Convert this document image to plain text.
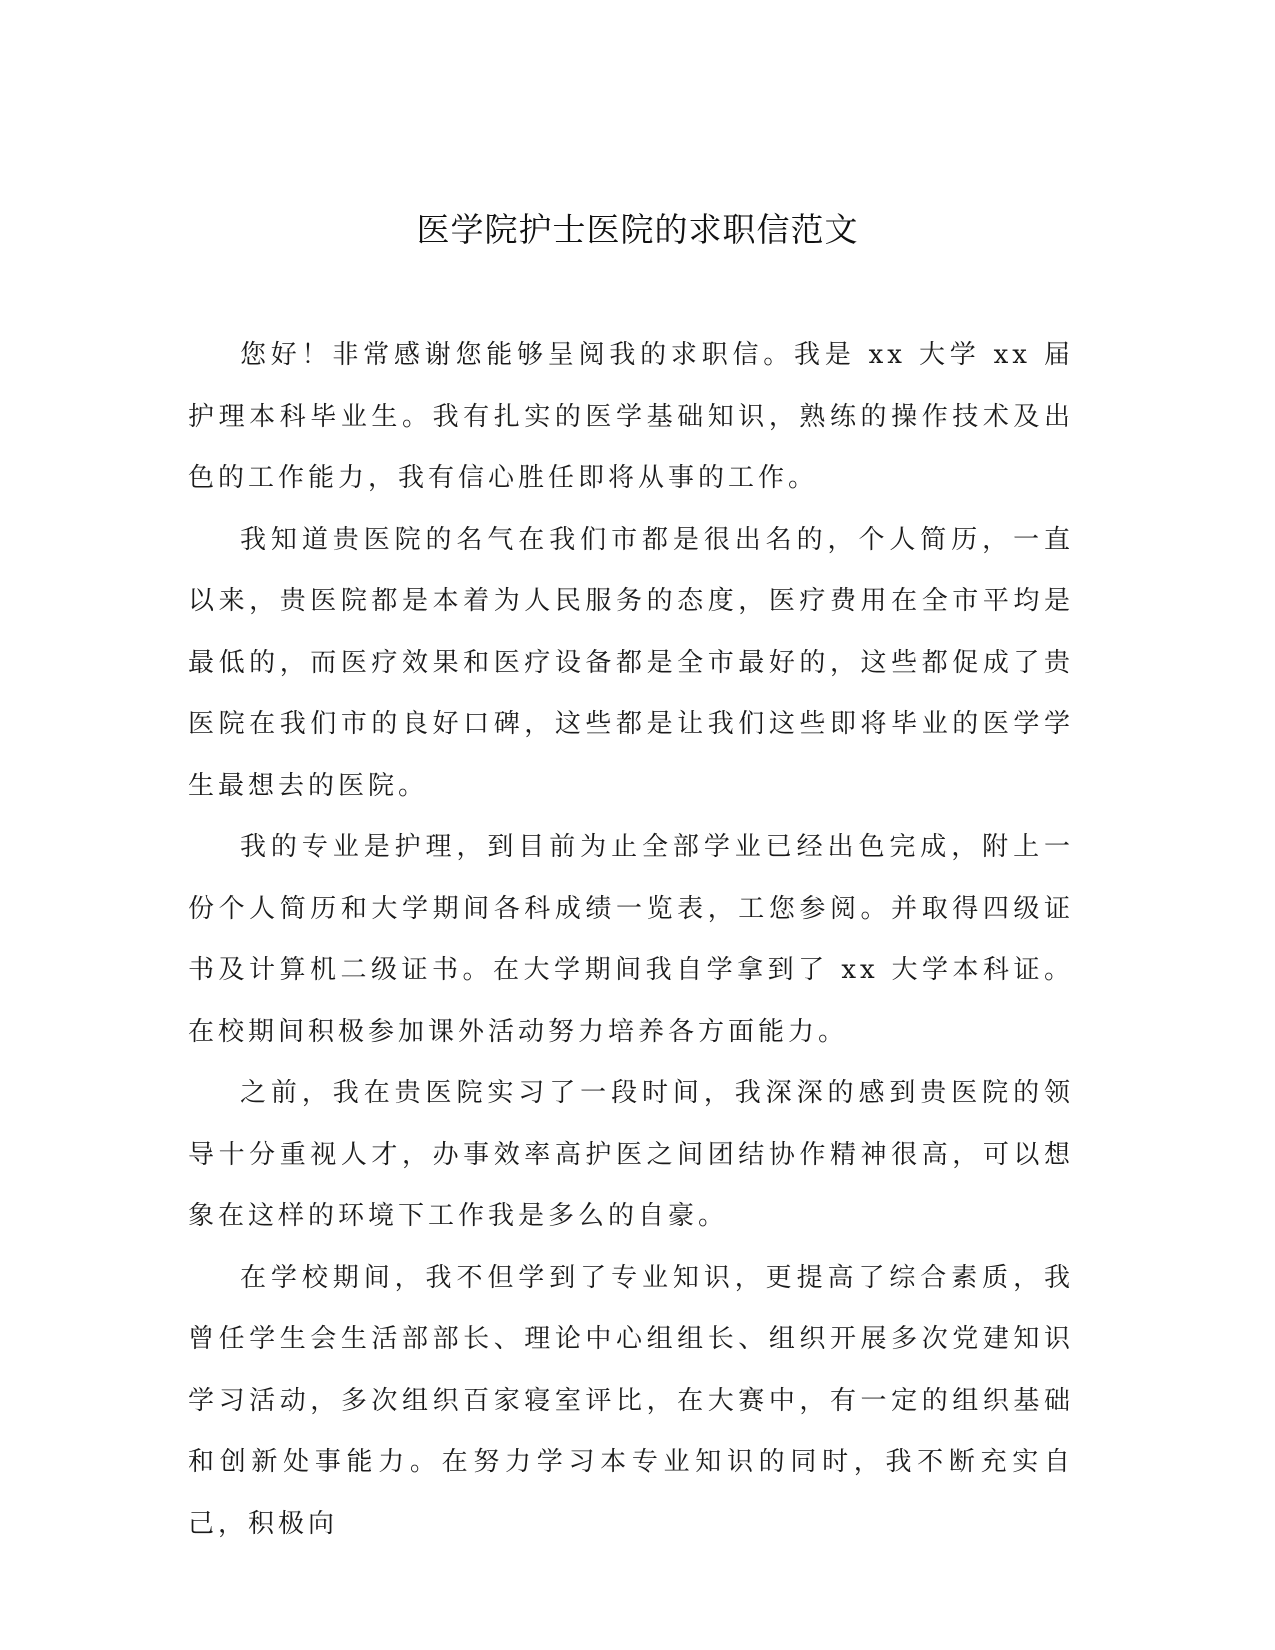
医学院护士医院的求职信范文

您好！非常感谢您能够呈阅我的求职信。我是 xx 大学 xx 届护理本科毕业生。我有扎实的医学基础知识，熟练的操作技术及出色的工作能力，我有信心胜任即将从事的工作。

我知道贵医院的名气在我们市都是很出名的，个人简历，一直以来，贵医院都是本着为人民服务的态度，医疗费用在全市平均是最低的，而医疗效果和医疗设备都是全市最好的，这些都促成了贵医院在我们市的良好口碑，这些都是让我们这些即将毕业的医学学生最想去的医院。

我的专业是护理，到目前为止全部学业已经出色完成，附上一份个人简历和大学期间各科成绩一览表，工您参阅。并取得四级证书及计算机二级证书。在大学期间我自学拿到了 xx 大学本科证。在校期间积极参加课外活动努力培养各方面能力。

之前，我在贵医院实习了一段时间，我深深的感到贵医院的领导十分重视人才，办事效率高护医之间团结协作精神很高，可以想象在这样的环境下工作我是多么的自豪。

在学校期间，我不但学到了专业知识，更提高了综合素质，我曾任学生会生活部部长、理论中心组组长、组织开展多次党建知识学习活动，多次组织百家寝室评比，在大赛中，有一定的组织基础和创新处事能力。在努力学习本专业知识的同时，我不断充实自己，积极向
